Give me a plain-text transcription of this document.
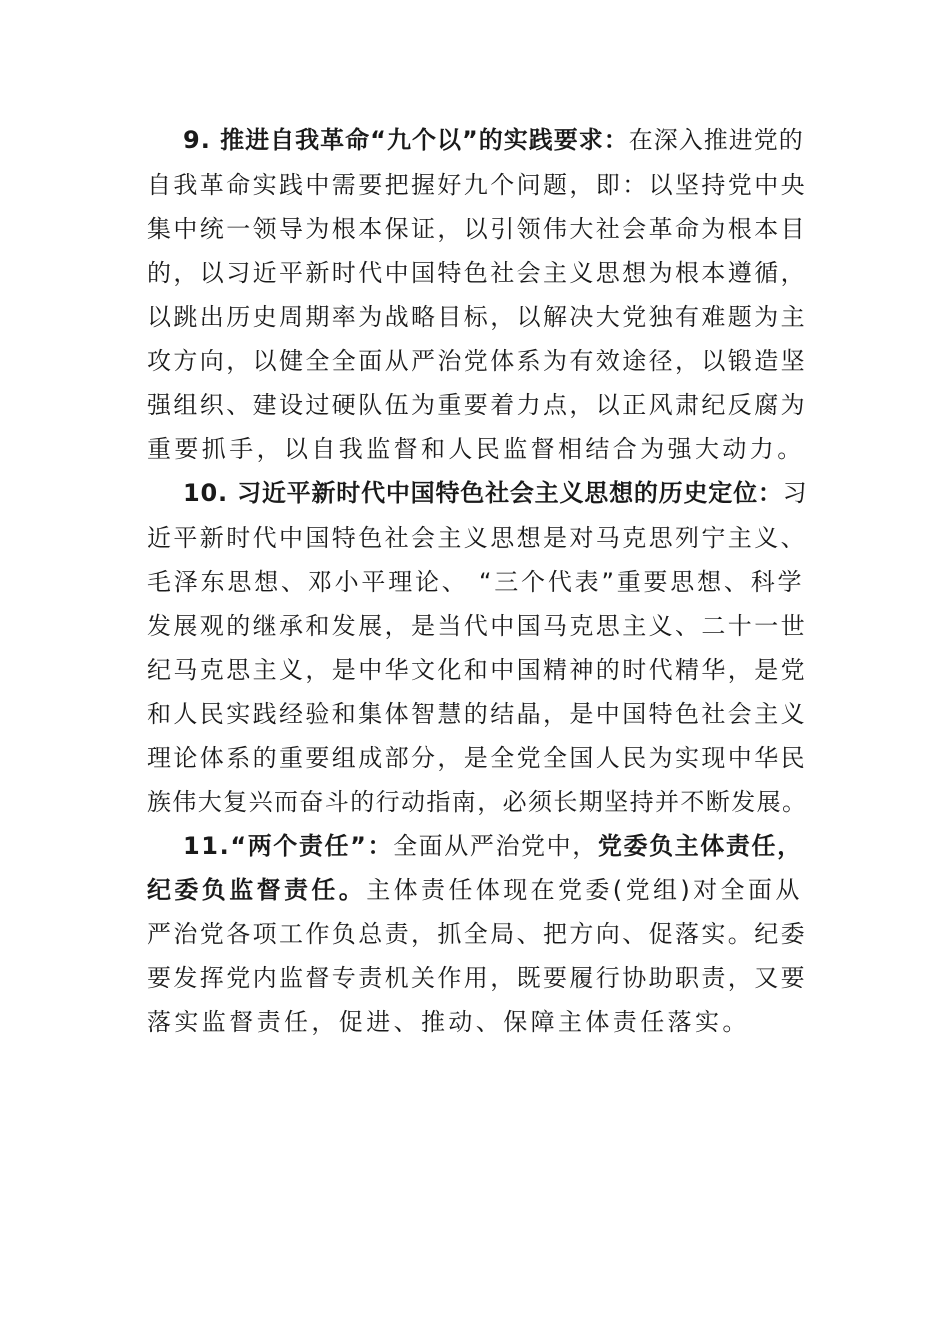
9. 推进自我革命“九个以”的实践要求：在深入推进党的
自我革命实践中需要把握好九个问题，即：以坚持党中央
集中统一领导为根本保证，以引领伟大社会革命为根本目
的，以习近平新时代中国特色社会主义思想为根本遵循，
以跳出历史周期率为战略目标，以解决大党独有难题为主
攻方向，以健全全面从严治党体系为有效途径，以锻造坚
强组织、建设过硬队伍为重要着力点，以正风肃纪反腐为
重要抓手，以自我监督和人民监督相结合为强大动力。
10. 习近平新时代中国特色社会主义思想的历史定位：习
近平新时代中国特色社会主义思想是对马克思列宁主义、
毛泽东思想、邓小平理论、 “三个代表”重要思想、科学
发展观的继承和发展，是当代中国马克思主义、二十一世
纪马克思主义，是中华文化和中国精神的时代精华，是党
和人民实践经验和集体智慧的结晶，是中国特色社会主义
理论体系的重要组成部分，是全党全国人民为实现中华民
族伟大复兴而奋斗的行动指南，必须长期坚持并不断发展。
11.“两个责任”：全面从严治党中，党委负主体责任，
纪委负监督责任。主体责任体现在党委(党组)对全面从
严治党各项工作负总责，抓全局、把方向、促落实。纪委
要发挥党内监督专责机关作用，既要履行协助职责，又要
落实监督责任，促进、推动、保障主体责任落实。
